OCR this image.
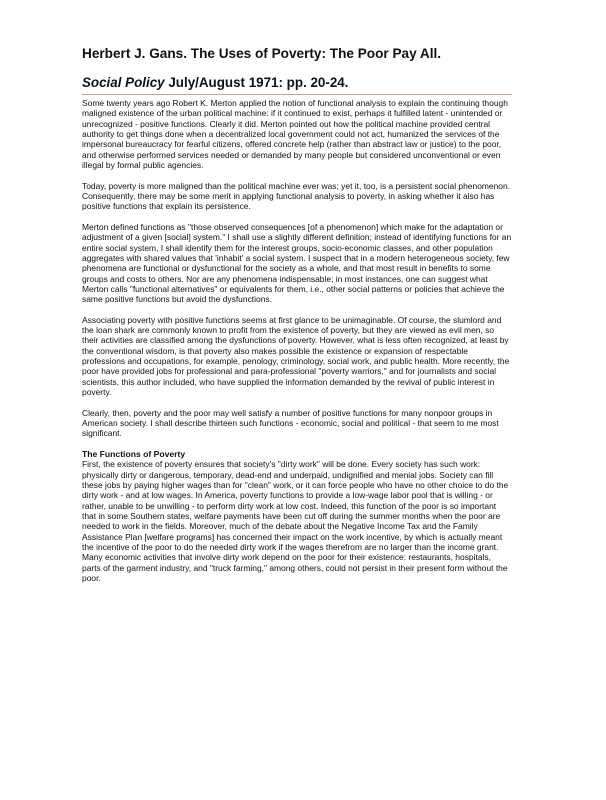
Herbert J. Gans. The Uses of Poverty: The Poor Pay All.
Social Policy July/August 1971: pp. 20-24.

Some twenty years ago Robert K. Merton applied the notion of functional analysis to explain the continuing though maligned existence of the urban political machine: if it continued to exist, perhaps it fulfilled latent - unintended or unrecognized - positive functions. Clearly it did. Merton pointed out how the political machine provided central authority to get things done when a decentralized local government could not act, humanized the services of the impersonal bureaucracy for fearful citizens, offered concrete help (rather than abstract law or justice) to the poor, and otherwise performed services needed or demanded by many people but considered unconventional or even illegal by formal public agencies.

Today, poverty is more maligned than the political machine ever was; yet it, too, is a persistent social phenomenon. Consequently, there may be some merit in applying functional analysis to poverty, in asking whether it also has positive functions that explain its persistence.

Merton defined functions as "those observed consequences [of a phenomenon] which make for the adaptation or adjustment of a given [social] system." I shall use a slightly different definition; instead of identifying functions for an entire social system, I shall identify them for the interest groups, socio-economic classes, and other population aggregates with shared values that 'inhabit' a social system. I suspect that in a modern heterogeneous society, few phenomena are functional or dysfunctional for the society as a whole, and that most result in benefits to some groups and costs to others. Nor are any phenomena indispensable; in most instances, one can suggest what Merton calls "functional alternatives" or equivalents for them, i.e., other social patterns or policies that achieve the same positive functions but avoid the dysfunctions.

Associating poverty with positive functions seems at first glance to be unimaginable. Of course, the slumlord and the loan shark are commonly known to profit from the existence of poverty, but they are viewed as evil men, so their activities are classified among the dysfunctions of poverty. However, what is less often recognized, at least by the conventional wisdom, is that poverty also makes possible the existence or expansion of respectable professions and occupations, for example, penology, criminology, social work, and public health. More recently, the poor have provided jobs for professional and para-professional "poverty warriors," and for journalists and social scientists, this author included, who have supplied the information demanded by the revival of public interest in poverty.

Clearly, then, poverty and the poor may well satisfy a number of positive functions for many nonpoor groups in American society. I shall describe thirteen such functions - economic, social and political - that seem to me most significant.

The Functions of Poverty

First, the existence of poverty ensures that society's "dirty work" will be done. Every society has such work: physically dirty or dangerous, temporary, dead-end and underpaid, undignified and menial jobs. Society can fill these jobs by paying higher wages than for "clean" work, or it can force people who have no other choice to do the dirty work - and at low wages. In America, poverty functions to provide a low-wage labor pool that is willing - or rather, unable to be unwilling - to perform dirty work at low cost. Indeed, this function of the poor is so important that in some Southern states, welfare payments have been cut off during the summer months when the poor are needed to work in the fields. Moreover, much of the debate about the Negative Income Tax and the Family Assistance Plan [welfare programs] has concerned their impact on the work incentive, by which is actually meant the incentive of the poor to do the needed dirty work if the wages therefrom are no larger than the income grant. Many economic activities that involve dirty work depend on the poor for their existence: restaurants, hospitals, parts of the garment industry, and "truck farming," among others, could not persist in their present form without the poor.
